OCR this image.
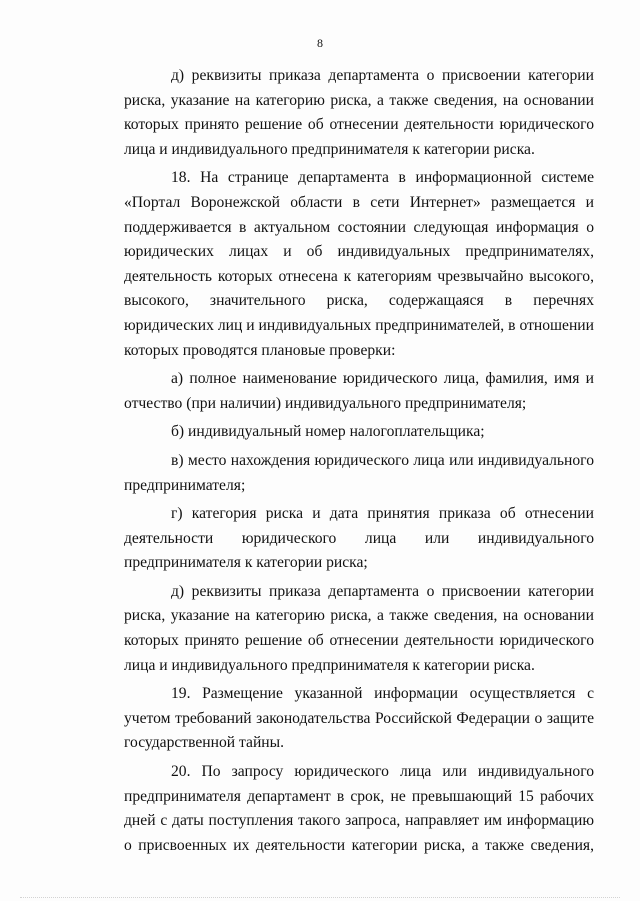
8

д) реквизиты приказа департамента о присвоении категории риска, указание на категорию риска, а также сведения, на основании которых принято решение об отнесении деятельности юридического лица и индивидуального предпринимателя к категории риска.

18. На странице департамента в информационной системе «Портал Воронежской области в сети Интернет» размещается и поддерживается в актуальном состоянии следующая информация о юридических лицах и об индивидуальных предпринимателях, деятельность которых отнесена к категориям чрезвычайно высокого, высокого, значительного риска, содержащаяся в перечнях юридических лиц и индивидуальных предпринимателей, в отношении которых проводятся плановые проверки:

а) полное наименование юридического лица, фамилия, имя и отчество (при наличии) индивидуального предпринимателя;

б) индивидуальный номер налогоплательщика;

в) место нахождения юридического лица или индивидуального предпринимателя;

г) категория риска и дата принятия приказа об отнесении деятельности юридического лица или индивидуального предпринимателя к категории риска;

д) реквизиты приказа департамента о присвоении категории риска, указание на категорию риска, а также сведения, на основании которых принято решение об отнесении деятельности юридического лица и индивидуального предпринимателя к категории риска.

19. Размещение указанной информации осуществляется с учетом требований законодательства Российской Федерации о защите государственной тайны.

20. По запросу юридического лица или индивидуального предпринимателя департамент в срок, не превышающий 15 рабочих дней с даты поступления такого запроса, направляет им информацию о присвоенных их деятельности категории риска, а также сведения,
